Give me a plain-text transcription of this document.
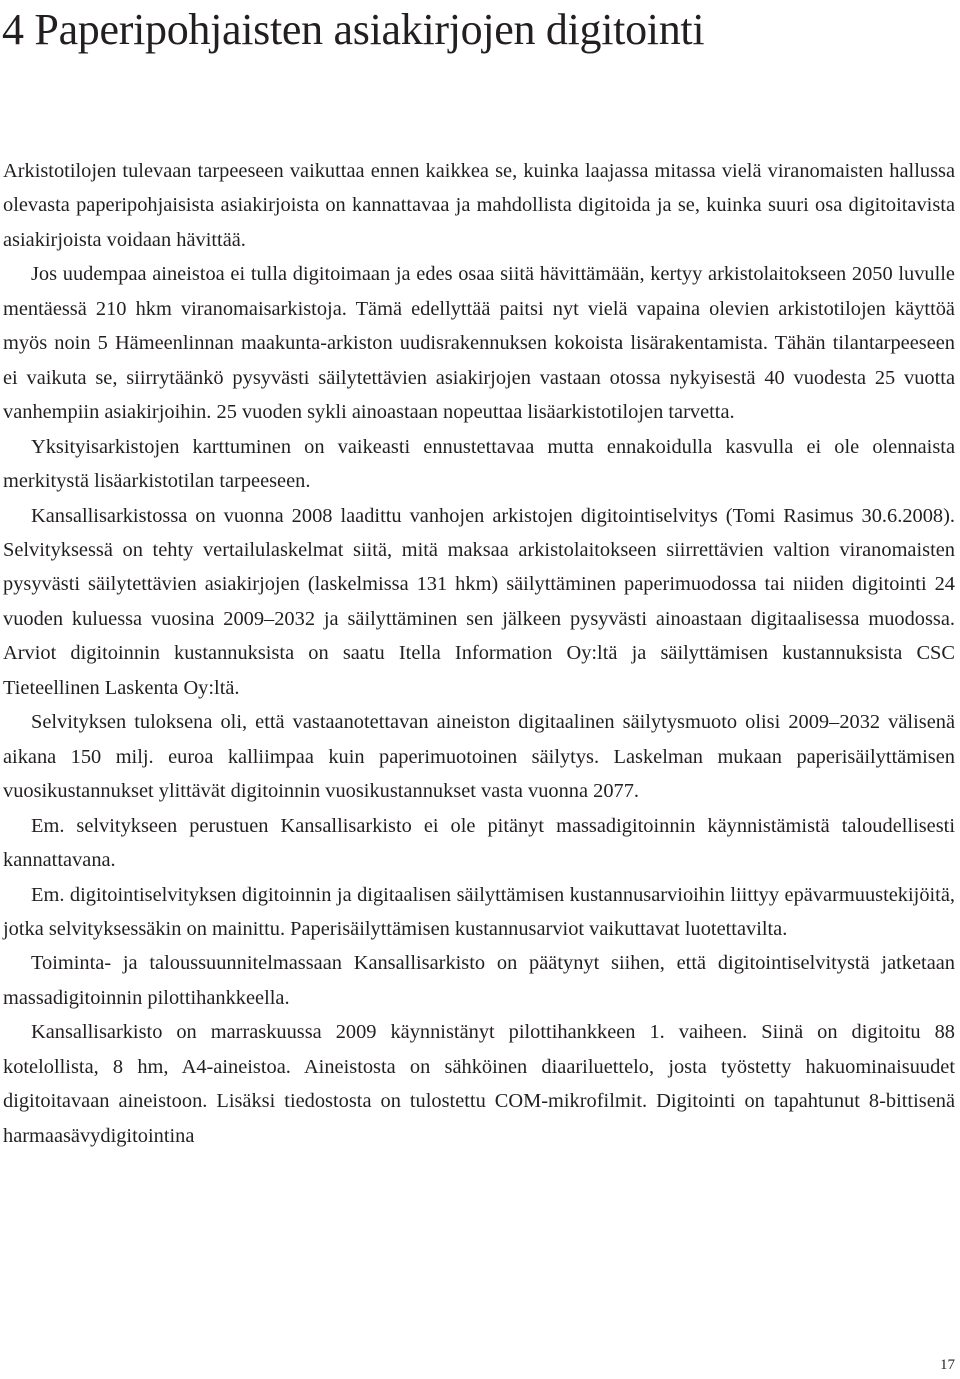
4 Paperipohjaisten asiakirjojen digitointi

Arkistotilojen tulevaan tarpeeseen vaikuttaa ennen kaikkea se, kuinka laajassa mitassa vielä viranomaisten hallussa olevasta paperipohjaisista asiakirjoista on kannattavaa ja mahdollista digitoida ja se, kuinka suuri osa digitoitavista asiakirjoista voidaan hävittää.

Jos uudempaa aineistoa ei tulla digitoimaan ja edes osaa siitä hävittämään, kertyy arkistolaitokseen 2050 luvulle mentäessä 210 hkm viranomaisarkistoja. Tämä edellyttää paitsi nyt vielä vapaina olevien arkistotilojen käyttöä myös noin 5 Hämeenlinnan maakunta-arkiston uudisrakennuksen kokoista lisärakentamista. Tähän tilantarpeeseen ei vaikuta se, siirrytäänkö pysyvästi säilytettävien asiakirjojen vastaan otossa nykyisestä 40 vuodesta 25 vuotta vanhempiin asiakirjoihin. 25 vuoden sykli ainoastaan nopeuttaa lisäarkistotilojen tarvetta.

Yksityisarkistojen karttuminen on vaikeasti ennustettavaa mutta ennakoidulla kasvulla ei ole olennaista merkitystä lisäarkistotilan tarpeeseen.

Kansallisarkistossa on vuonna 2008 laadittu vanhojen arkistojen digitointiselvitys (Tomi Rasimus 30.6.2008). Selvityksessä on tehty vertailulaskelmat siitä, mitä maksaa arkistolaitokseen siirrettävien valtion viranomaisten pysyvästi säilytettävien asiakirjojen (laskelmissa 131 hkm) säilyttäminen paperimuodossa tai niiden digitointi 24 vuoden kuluessa vuosina 2009–2032 ja säilyttäminen sen jälkeen pysyvästi ainoastaan digitaalisessa muodossa. Arviot digitoinnin kustannuksista on saatu Itella Information Oy:ltä ja säilyttämisen kustannuksista CSC Tieteellinen Laskenta Oy:ltä.

Selvityksen tuloksena oli, että vastaanotettavan aineiston digitaalinen säilytysmuoto olisi 2009–2032 välisenä aikana 150 milj. euroa kalliimpaa kuin paperimuotoinen säilytys. Laskelman mukaan paperisäilyttämisen vuosikustannukset ylittävät digitoinnin vuosikustannukset vasta vuonna 2077.

Em. selvitykseen perustuen Kansallisarkisto ei ole pitänyt massadigitoinnin käynnistämistä taloudellisesti kannattavana.

Em. digitointiselvityksen digitoinnin ja digitaalisen säilyttämisen kustannusarvioihin liittyy epävarmuustekijöitä, jotka selvityksessäkin on mainittu. Paperisäilyttämisen kustannusarviot vaikuttavat luotettavilta.

Toiminta- ja taloussuunnitelmassaan Kansallisarkisto on päätynyt siihen, että digitointiselvitystä jatketaan massadigitoinnin pilottihankkeella.

Kansallisarkisto on marraskuussa 2009 käynnistänyt pilottihankkeen 1. vaiheen. Siinä on digitoitu 88 kotelollista, 8 hm, A4-aineistoa. Aineistosta on sähköinen diaariluettelo, josta työstetty hakuominaisuudet digitoitavaan aineistoon. Lisäksi tiedostosta on tulostettu COM-mikrofilmit. Digitointi on tapahtunut 8-bittisenä harmaasävydigitointina

17
